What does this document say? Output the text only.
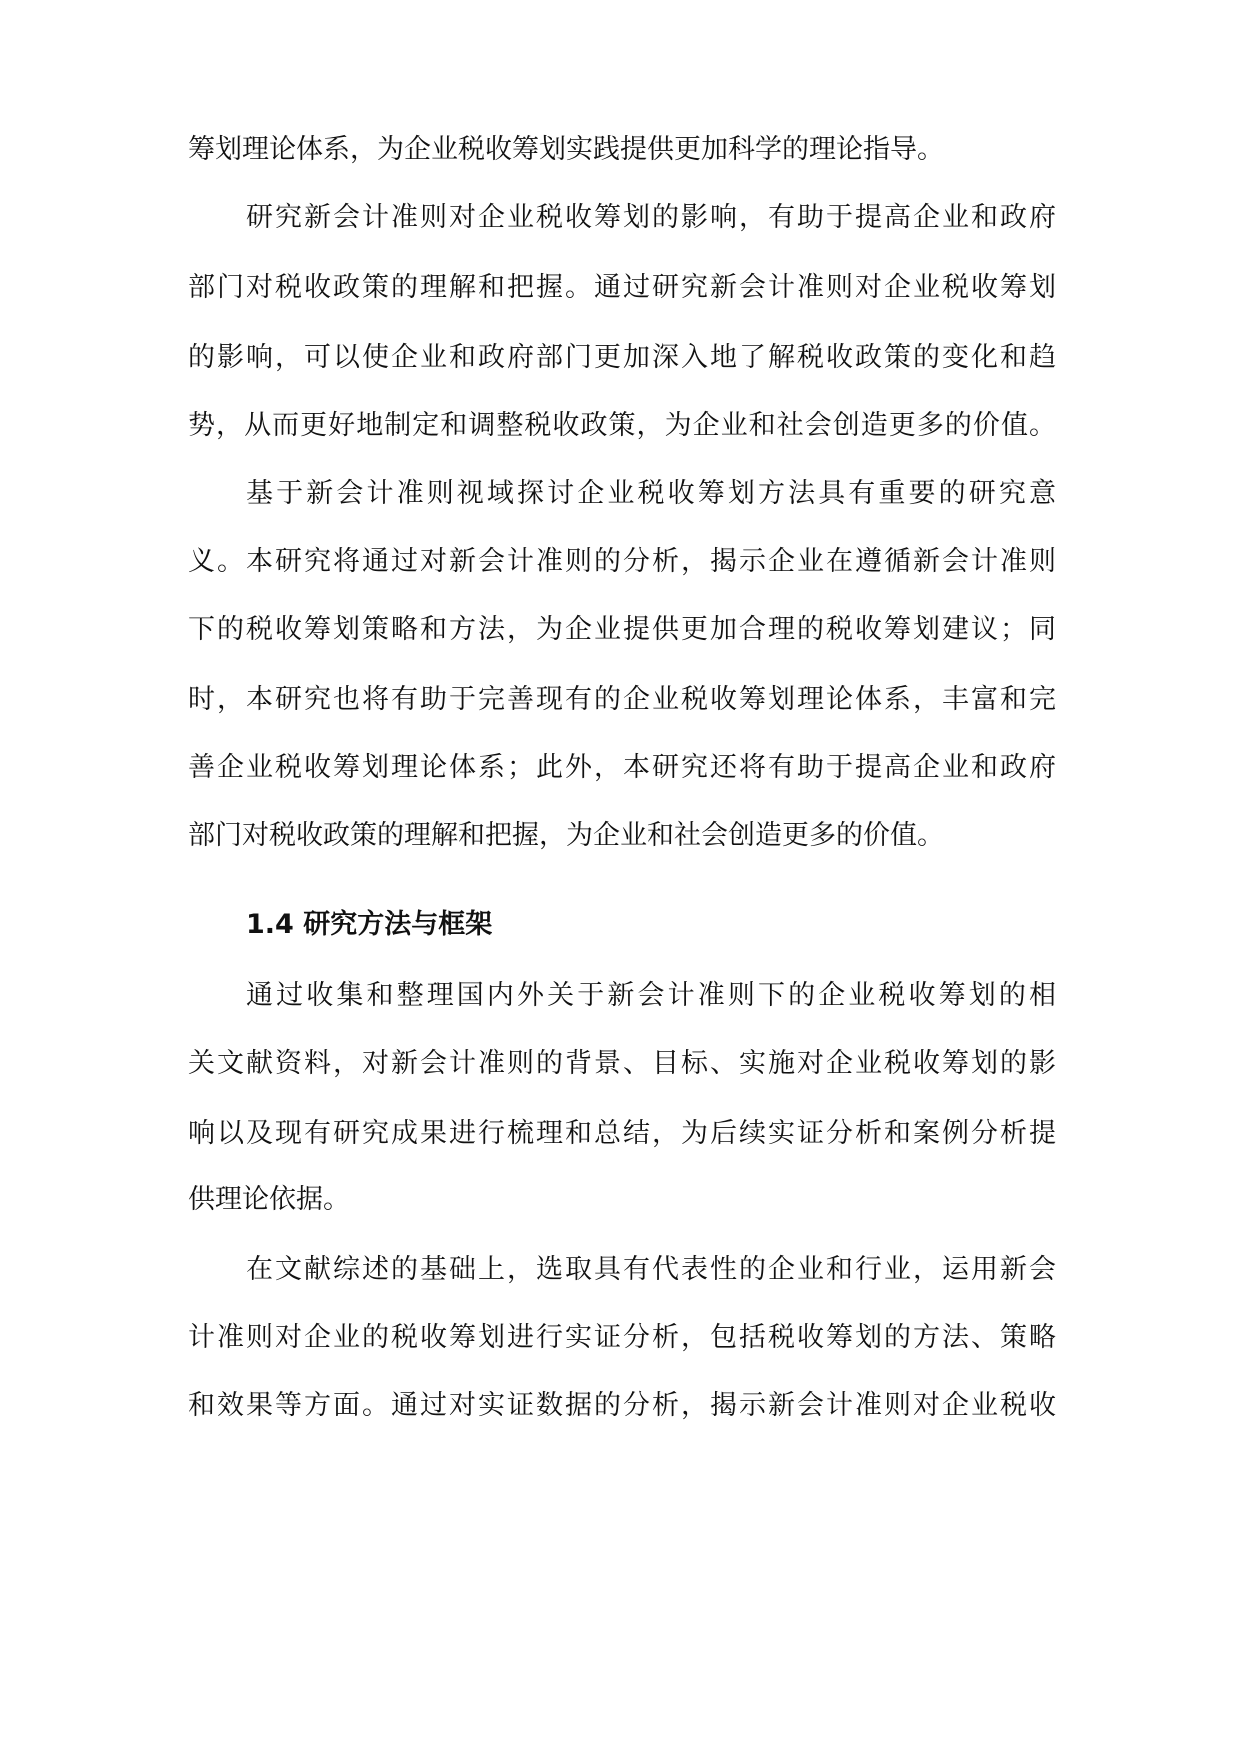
筹划理论体系，为企业税收筹划实践提供更加科学的理论指导。
研究新会计准则对企业税收筹划的影响，有助于提高企业和政府
部门对税收政策的理解和把握。通过研究新会计准则对企业税收筹划
的影响，可以使企业和政府部门更加深入地了解税收政策的变化和趋
势，从而更好地制定和调整税收政策，为企业和社会创造更多的价值。
基于新会计准则视域探讨企业税收筹划方法具有重要的研究意
义。本研究将通过对新会计准则的分析，揭示企业在遵循新会计准则
下的税收筹划策略和方法，为企业提供更加合理的税收筹划建议；同
时，本研究也将有助于完善现有的企业税收筹划理论体系，丰富和完
善企业税收筹划理论体系；此外，本研究还将有助于提高企业和政府
部门对税收政策的理解和把握，为企业和社会创造更多的价值。
1.4 研究方法与框架
通过收集和整理国内外关于新会计准则下的企业税收筹划的相
关文献资料，对新会计准则的背景、目标、实施对企业税收筹划的影
响以及现有研究成果进行梳理和总结，为后续实证分析和案例分析提
供理论依据。
在文献综述的基础上，选取具有代表性的企业和行业，运用新会
计准则对企业的税收筹划进行实证分析，包括税收筹划的方法、策略
和效果等方面。通过对实证数据的分析，揭示新会计准则对企业税收
